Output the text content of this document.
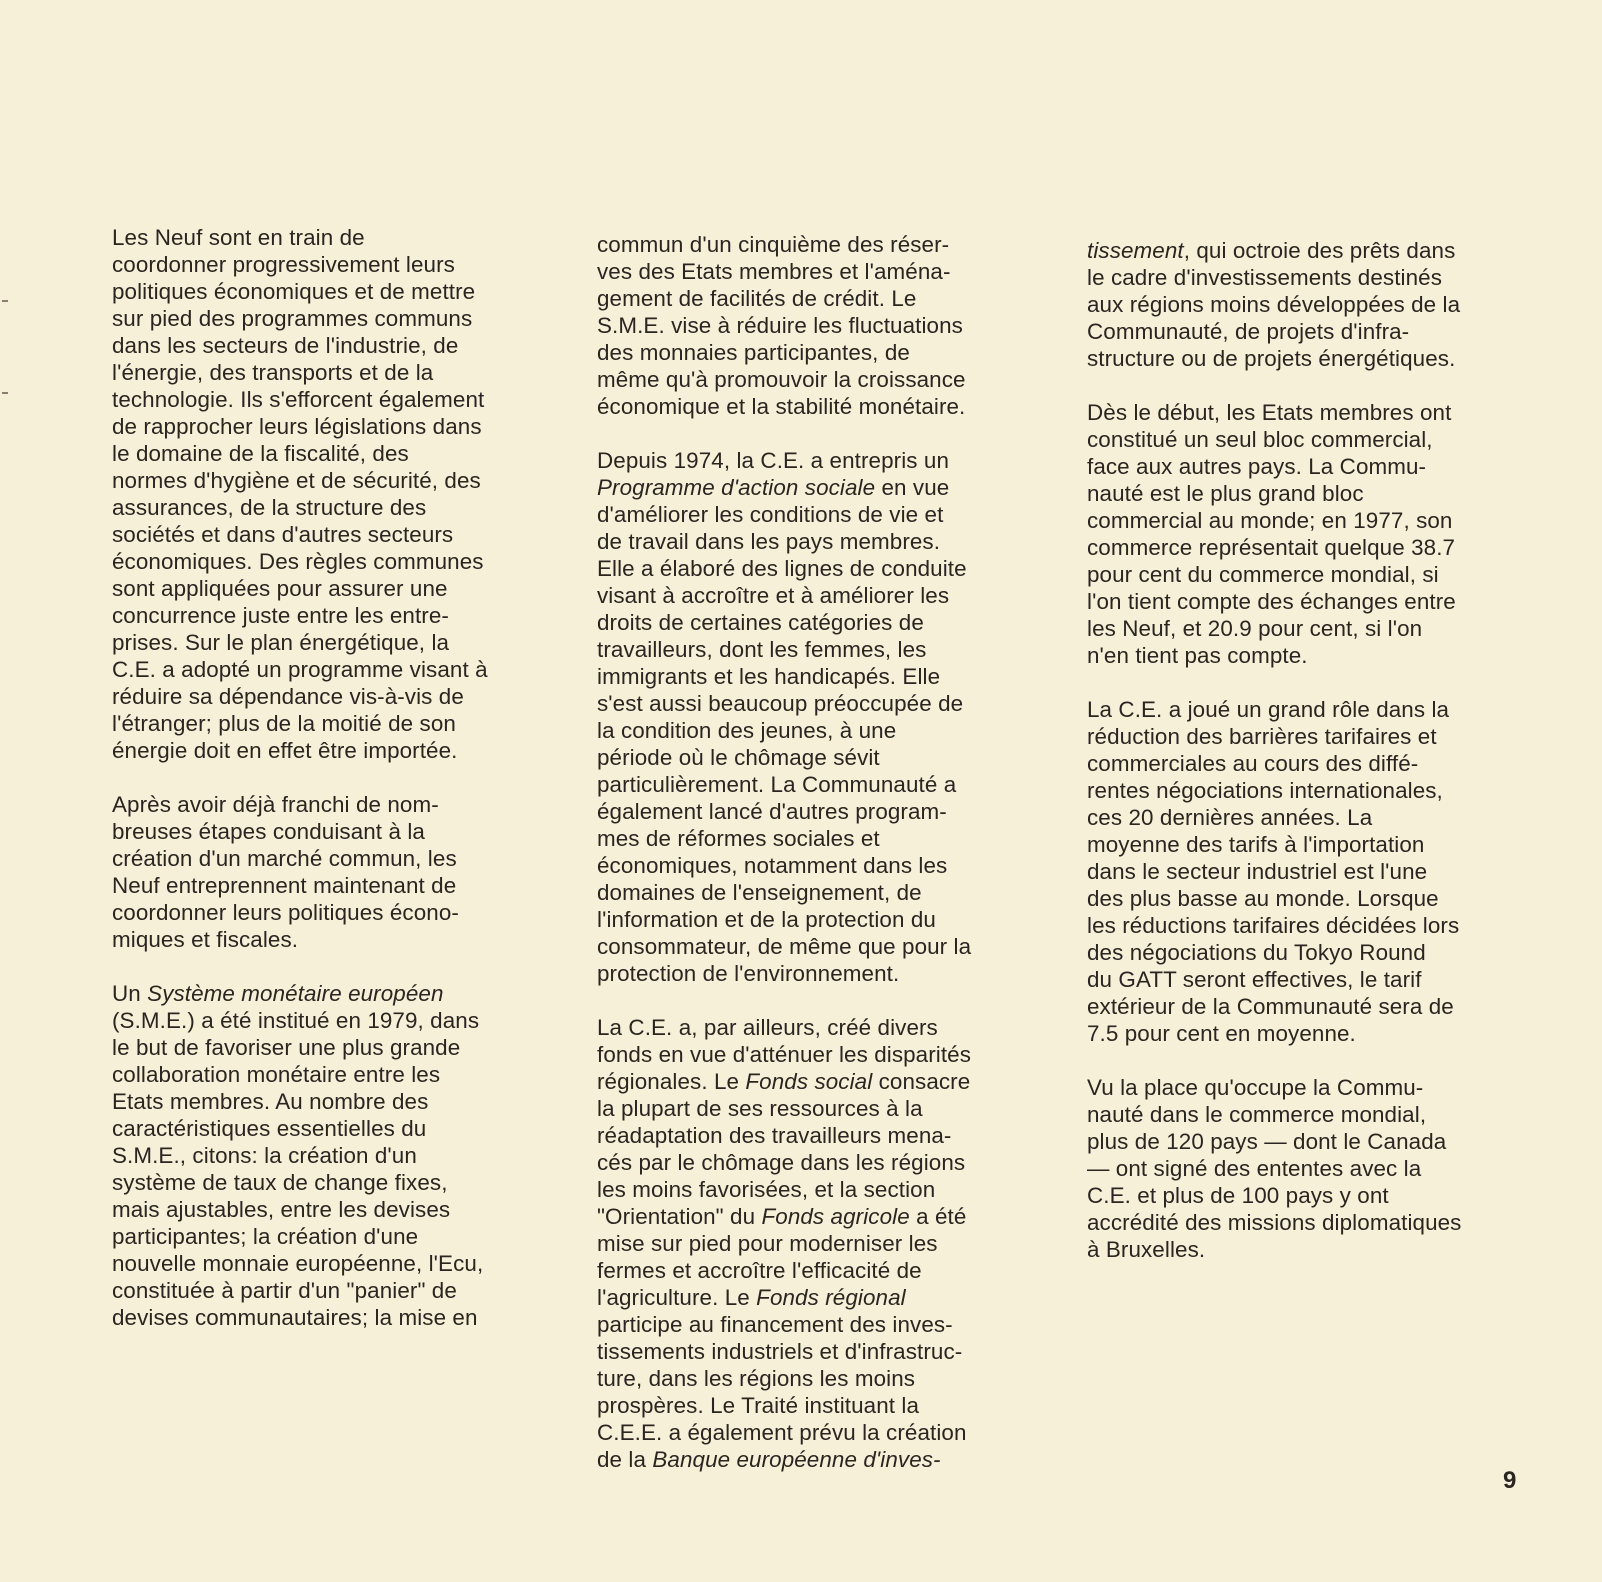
Les Neuf sont en train de
coordonner progressivement leurs
politiques économiques et de mettre
sur pied des programmes communs
dans les secteurs de l'industrie, de
l'énergie, des transports et de la
technologie. Ils s'efforcent également
de rapprocher leurs législations dans
le domaine de la fiscalité, des
normes d'hygiène et de sécurité, des
assurances, de la structure des
sociétés et dans d'autres secteurs
économiques. Des règles communes
sont appliquées pour assurer une
concurrence juste entre les entre-
prises. Sur le plan énergétique, la
C.E. a adopté un programme visant à
réduire sa dépendance vis-à-vis de
l'étranger; plus de la moitié de son
énergie doit en effet être importée.
Après avoir déjà franchi de nom-
breuses étapes conduisant à la
création d'un marché commun, les
Neuf entreprennent maintenant de
coordonner leurs politiques écono-
miques et fiscales.
Un Système monétaire européen
(S.M.E.) a été institué en 1979, dans
le but de favoriser une plus grande
collaboration monétaire entre les
Etats membres. Au nombre des
caractéristiques essentielles du
S.M.E., citons: la création d'un
système de taux de change fixes,
mais ajustables, entre les devises
participantes; la création d'une
nouvelle monnaie européenne, l'Ecu,
constituée à partir d'un "panier" de
devises communautaires; la mise en
commun d'un cinquième des réser-
ves des Etats membres et l'aména-
gement de facilités de crédit. Le
S.M.E. vise à réduire les fluctuations
des monnaies participantes, de
même qu'à promouvoir la croissance
économique et la stabilité monétaire.
Depuis 1974, la C.E. a entrepris un
Programme d'action sociale en vue
d'améliorer les conditions de vie et
de travail dans les pays membres.
Elle a élaboré des lignes de conduite
visant à accroître et à améliorer les
droits de certaines catégories de
travailleurs, dont les femmes, les
immigrants et les handicapés. Elle
s'est aussi beaucoup préoccupée de
la condition des jeunes, à une
période où le chômage sévit
particulièrement. La Communauté a
également lancé d'autres program-
mes de réformes sociales et
économiques, notamment dans les
domaines de l'enseignement, de
l'information et de la protection du
consommateur, de même que pour la
protection de l'environnement.
La C.E. a, par ailleurs, créé divers
fonds en vue d'atténuer les disparités
régionales. Le Fonds social consacre
la plupart de ses ressources à la
réadaptation des travailleurs mena-
cés par le chômage dans les régions
les moins favorisées, et la section
"Orientation" du Fonds agricole a été
mise sur pied pour moderniser les
fermes et accroître l'efficacité de
l'agriculture. Le Fonds régional
participe au financement des inves-
tissements industriels et d'infrastruc-
ture, dans les régions les moins
prospères. Le Traité instituant la
C.E.E. a également prévu la création
de la Banque européenne d'inves-
tissement, qui octroie des prêts dans
le cadre d'investissements destinés
aux régions moins développées de la
Communauté, de projets d'infra-
structure ou de projets énergétiques.
Dès le début, les Etats membres ont
constitué un seul bloc commercial,
face aux autres pays. La Commu-
nauté est le plus grand bloc
commercial au monde; en 1977, son
commerce représentait quelque 38.7
pour cent du commerce mondial, si
l'on tient compte des échanges entre
les Neuf, et 20.9 pour cent, si l'on
n'en tient pas compte.
La C.E. a joué un grand rôle dans la
réduction des barrières tarifaires et
commerciales au cours des diffé-
rentes négociations internationales,
ces 20 dernières années. La
moyenne des tarifs à l'importation
dans le secteur industriel est l'une
des plus basse au monde. Lorsque
les réductions tarifaires décidées lors
des négociations du Tokyo Round
du GATT seront effectives, le tarif
extérieur de la Communauté sera de
7.5 pour cent en moyenne.
Vu la place qu'occupe la Commu-
nauté dans le commerce mondial,
plus de 120 pays — dont le Canada
— ont signé des ententes avec la
C.E. et plus de 100 pays y ont
accrédité des missions diplomatiques
à Bruxelles.
9
